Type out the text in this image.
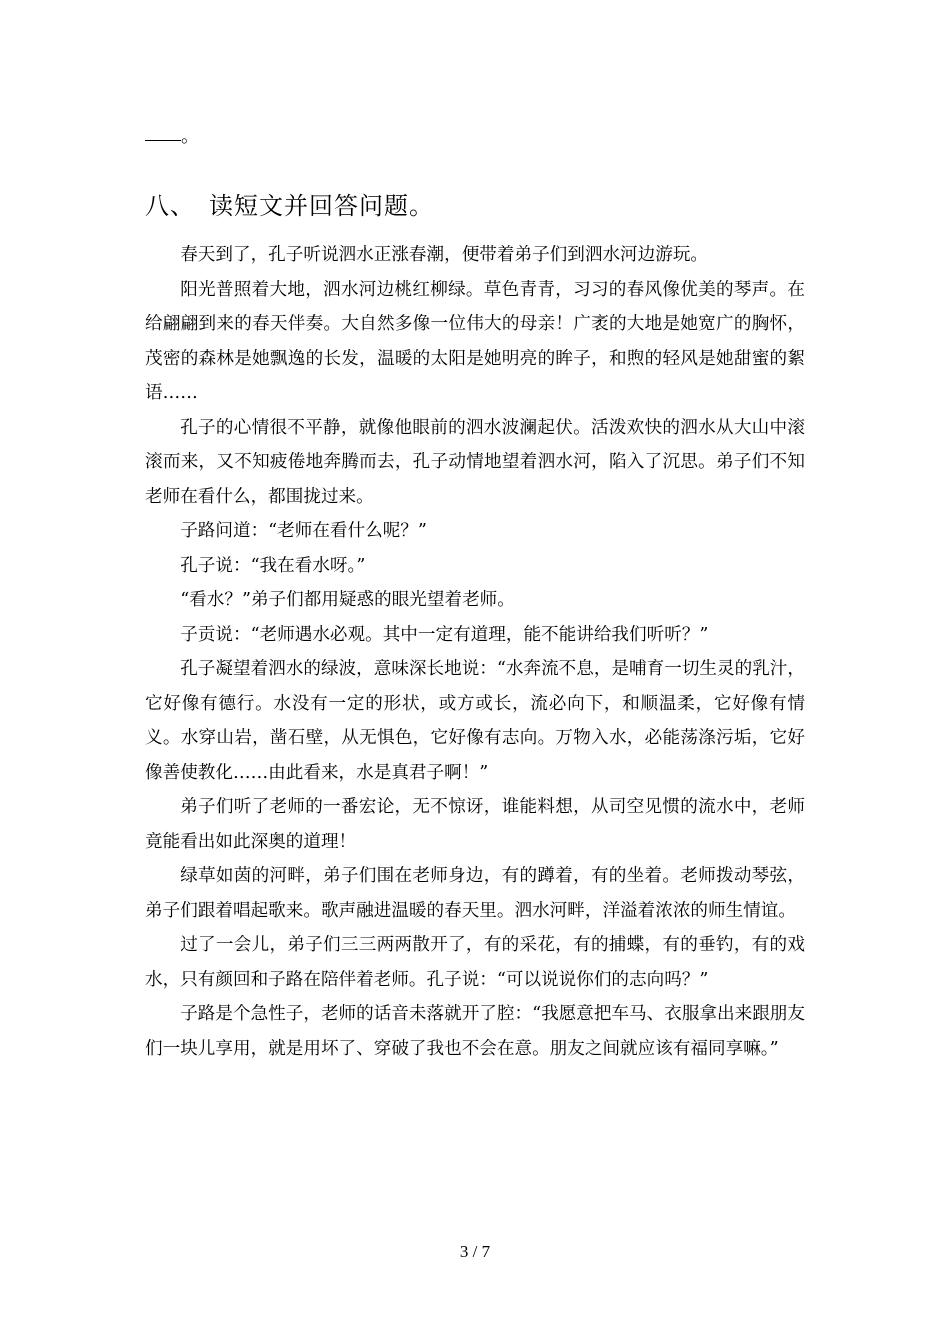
。
八、 读短文并回答问题。

春天到了，孔子听说泗水正涨春潮，便带着弟子们到泗水河边游玩。

阳光普照着大地，泗水河边桃红柳绿。草色青青，习习的春风像优美的琴声。在给翩翩到来的春天伴奏。大自然多像一位伟大的母亲！广袤的大地是她宽广的胸怀，茂密的森林是她飘逸的长发，温暖的太阳是她明亮的眸子，和煦的轻风是她甜蜜的絮语……

孔子的心情很不平静，就像他眼前的泗水波澜起伏。活泼欢快的泗水从大山中滚滚而来，又不知疲倦地奔腾而去，孔子动情地望着泗水河，陷入了沉思。弟子们不知老师在看什么，都围拢过来。

子路问道：“老师在看什么呢？”

孔子说：“我在看水呀。”

“看水？”弟子们都用疑惑的眼光望着老师。

子贡说：“老师遇水必观。其中一定有道理，能不能讲给我们听听？”

孔子凝望着泗水的绿波，意味深长地说：“水奔流不息，是哺育一切生灵的乳汁，它好像有德行。水没有一定的形状，或方或长，流必向下，和顺温柔，它好像有情义。水穿山岩，凿石壁，从无惧色，它好像有志向。万物入水，必能荡涤污垢，它好像善使教化……由此看来，水是真君子啊！”

弟子们听了老师的一番宏论，无不惊讶，谁能料想，从司空见惯的流水中，老师竟能看出如此深奥的道理！

绿草如茵的河畔，弟子们围在老师身边，有的蹲着，有的坐着。老师拨动琴弦，弟子们跟着唱起歌来。歌声融进温暖的春天里。泗水河畔，洋溢着浓浓的师生情谊。

过了一会儿，弟子们三三两两散开了，有的采花，有的捕蝶，有的垂钓，有的戏水，只有颜回和子路在陪伴着老师。孔子说：“可以说说你们的志向吗？”

子路是个急性子，老师的话音未落就开了腔：“我愿意把车马、衣服拿出来跟朋友们一块儿享用，就是用坏了、穿破了我也不会在意。朋友之间就应该有福同享嘛。”

3 / 7
